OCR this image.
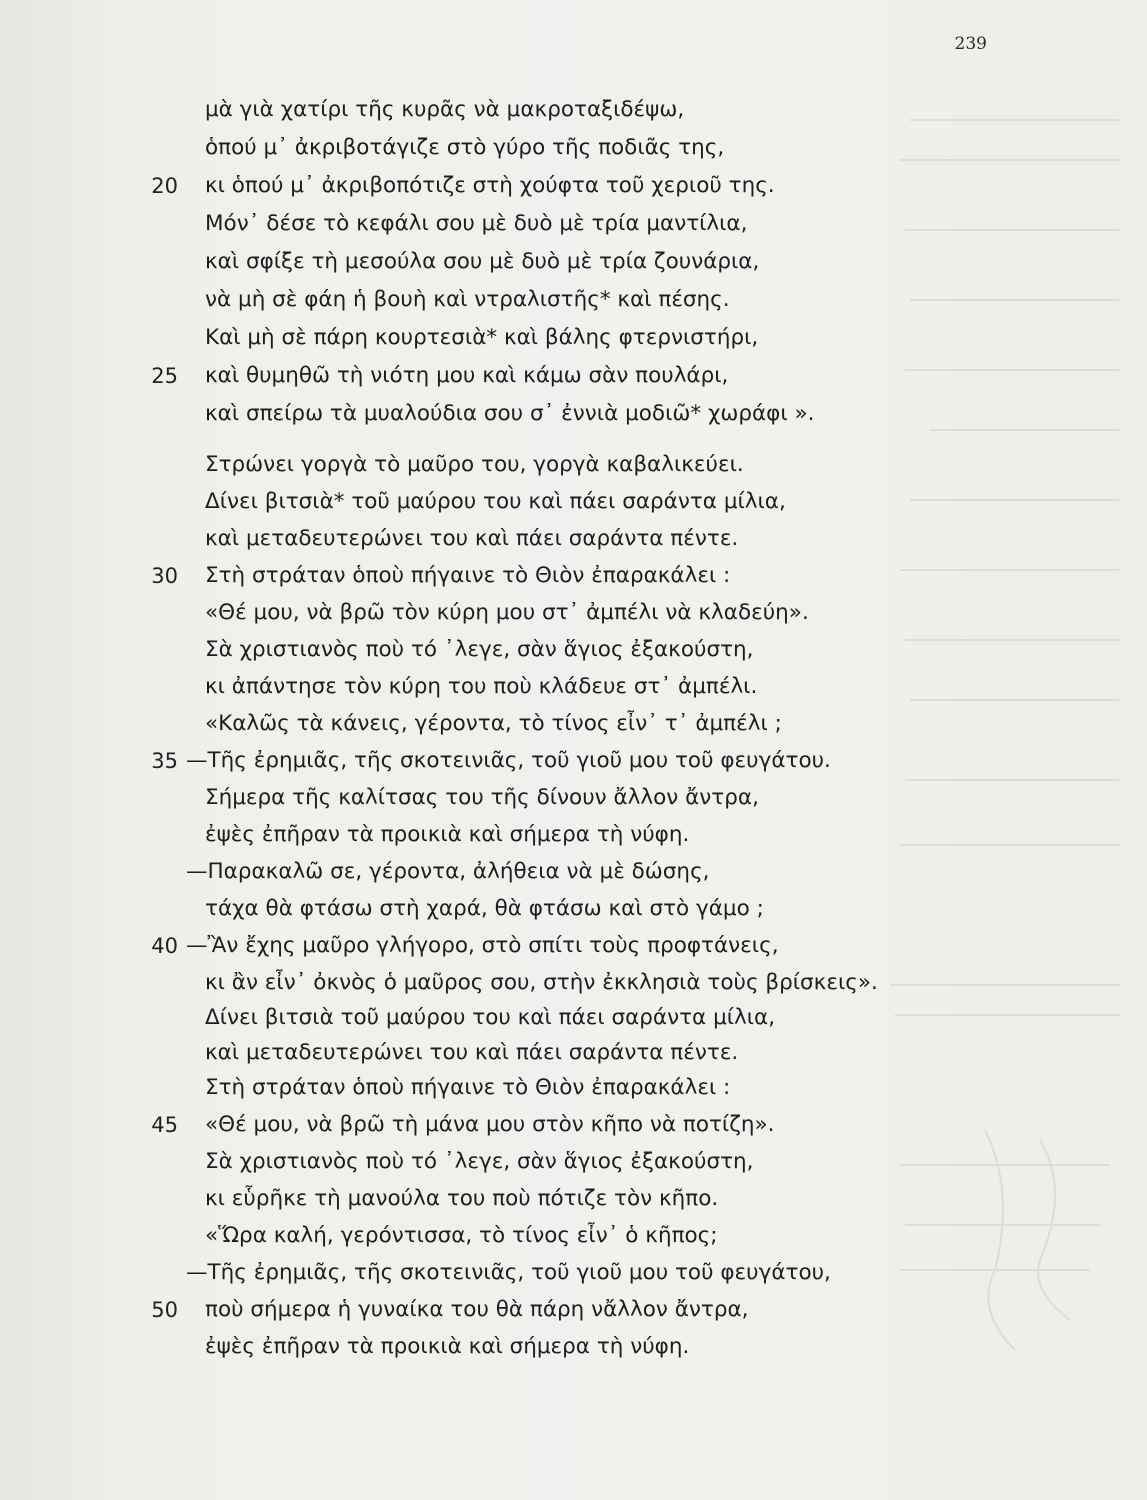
239
μὰ γιὰ χατίρι τῆς κυρᾶς νὰ μακροταξιδέψω,
ὁπού μ᾽ ἀκριβοτάγιζε στὸ γύρο τῆς ποδιᾶς της,
20 κι ὁπού μ᾽ ἀκριβοπότιζε στὴ χούφτα τοῦ χεριοῦ της.
Μόν᾽ δέσε τὸ κεφάλι σου μὲ δυὸ μὲ τρία μαντίλια,
καὶ σφίξε τὴ μεσούλα σου μὲ δυὸ μὲ τρία ζουνάρια,
νὰ μὴ σὲ φάη ἡ βουὴ καὶ ντραλιστῆς* καὶ πέσης.
Καὶ μὴ σὲ πάρη κουρτεσιὰ* καὶ βάλης φτερνιστήρι,
25 καὶ θυμηθῶ τὴ νιότη μου καὶ κάμω σὰν πουλάρι,
καὶ σπείρω τὰ μυαλούδια σου σ᾽ ἐννιὰ μοδιῶ* χωράφι ».
Στρώνει γοργὰ τὸ μαῦρο του, γοργὰ καβαλικεύει.
Δίνει βιτσιὰ* τοῦ μαύρου του καὶ πάει σαράντα μίλια,
καὶ μεταδευτερώνει του καὶ πάει σαράντα πέντε.
30 Στὴ στράταν ὁποὺ πήγαινε τὸ Θιὸν ἐπαρακάλει :
«Θέ μου, νὰ βρῶ τὸν κύρη μου στ᾽ ἀμπέλι νὰ κλαδεύη».
Σὰ χριστιανὸς ποὺ τό ᾽λεγε, σὰν ἅγιος ἐξακούστη,
κι ἀπάντησε τὸν κύρη του ποὺ κλάδευε στ᾽ ἀμπέλι.
«Καλῶς τὰ κάνεις, γέροντα, τὸ τίνος εἶν᾽ τ᾽ ἀμπέλι ;
35 —Τῆς ἐρημιᾶς, τῆς σκοτεινιᾶς, τοῦ γιοῦ μου τοῦ φευγάτου.
Σήμερα τῆς καλίτσας του τῆς δίνουν ἄλλον ἄντρα,
ἐψὲς ἐπῆραν τὰ προικιὰ καὶ σήμερα τὴ νύφη.
—Παρακαλῶ σε, γέροντα, ἀλήθεια νὰ μὲ δώσης,
τάχα θὰ φτάσω στὴ χαρά, θὰ φτάσω καὶ στὸ γάμο ;
40 —Ἂν ἔχης μαῦρο γλήγορο, στὸ σπίτι τοὺς προφτάνεις,
κι ἂν εἶν᾽ ὀκνὸς ὁ μαῦρος σου, στὴν ἐκκλησιὰ τοὺς βρίσκεις».
Δίνει βιτσιὰ τοῦ μαύρου του καὶ πάει σαράντα μίλια,
καὶ μεταδευτερώνει του καὶ πάει σαράντα πέντε.
Στὴ στράταν ὁποὺ πήγαινε τὸ Θιὸν ἐπαρακάλει :
45 «Θέ μου, νὰ βρῶ τὴ μάνα μου στὸν κῆπο νὰ ποτίζη».
Σὰ χριστιανὸς ποὺ τό ᾽λεγε, σὰν ἅγιος ἐξακούστη,
κι εὗρῆκε τὴ μανούλα του ποὺ πότιζε τὸν κῆπο.
«Ὥρα καλή, γερόντισσα, τὸ τίνος εἶν᾽ ὁ κῆπος;
—Τῆς ἐρημιᾶς, τῆς σκοτεινιᾶς, τοῦ γιοῦ μου τοῦ φευγάτου,
50 ποὺ σήμερα ἡ γυναίκα του θὰ πάρη νἄλλον ἄντρα,
ἐψὲς ἐπῆραν τὰ προικιὰ καὶ σήμερα τὴ νύφη.
